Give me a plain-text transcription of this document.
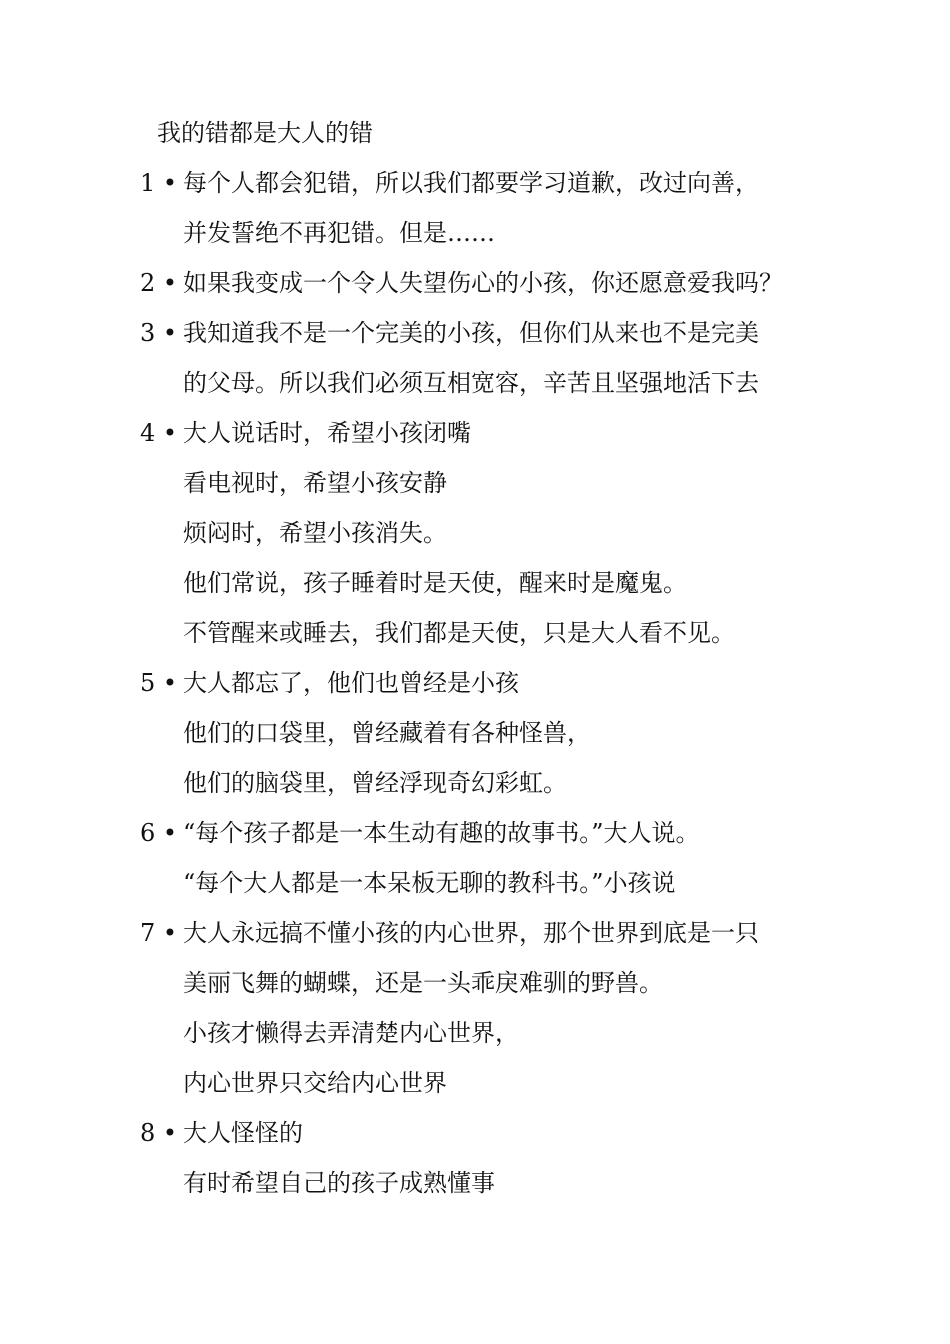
我的错都是大人的错
1 • 每个人都会犯错，所以我们都要学习道歉，改过向善，
并发誓绝不再犯错。但是……
2 • 如果我变成一个令人失望伤心的小孩，你还愿意爱我吗？
3 • 我知道我不是一个完美的小孩，但你们从来也不是完美
的父母。所以我们必须互相宽容，辛苦且坚强地活下去
4 • 大人说话时，希望小孩闭嘴
看电视时，希望小孩安静
烦闷时，希望小孩消失。
他们常说，孩子睡着时是天使，醒来时是魔鬼。
不管醒来或睡去，我们都是天使，只是大人看不见。
5 • 大人都忘了，他们也曾经是小孩
他们的口袋里，曾经藏着有各种怪兽，
他们的脑袋里，曾经浮现奇幻彩虹。
6 • “每个孩子都是一本生动有趣的故事书。”大人说。
“每个大人都是一本呆板无聊的教科书。”小孩说
7 • 大人永远搞不懂小孩的内心世界，那个世界到底是一只
美丽飞舞的蝴蝶，还是一头乖戾难驯的野兽。
小孩才懒得去弄清楚内心世界，
内心世界只交给内心世界
8 • 大人怪怪的
有时希望自己的孩子成熟懂事
